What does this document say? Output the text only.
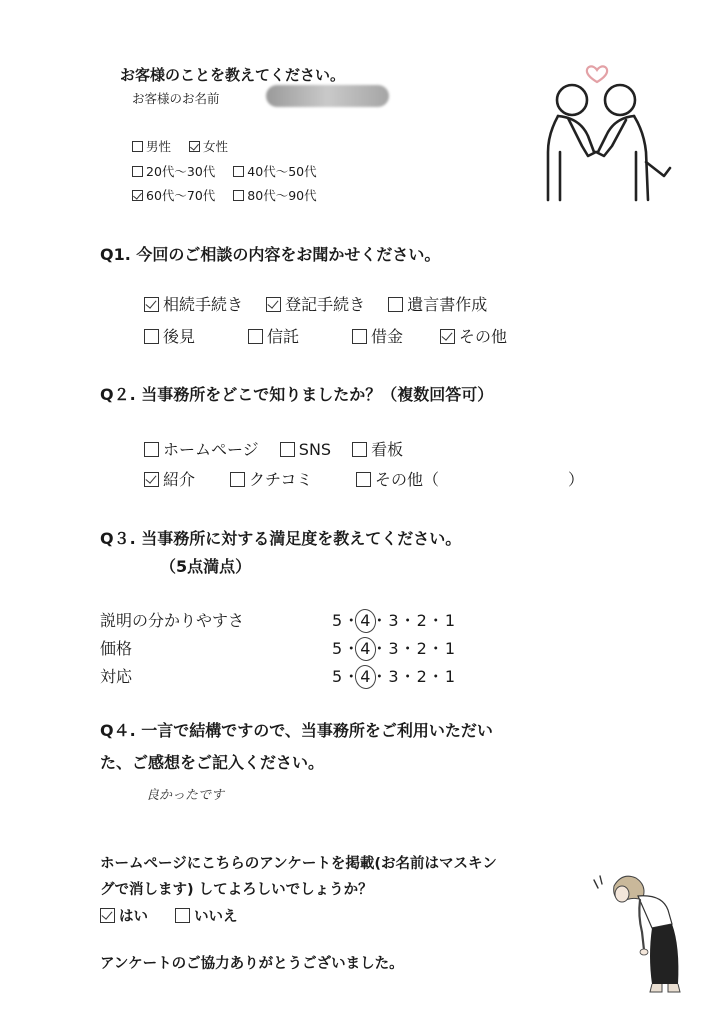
お客様のことを教えてください。
お客様のお名前
男性	女性
20代～30代	40代～50代
60代～70代	80代～90代
Q1. 今回のご相談の内容をお聞かせください。
相続手続き	登記手続き	遺言書作成
後見	信託	借金	その他
Q２. 当事務所をどこで知りましたか？（複数回答可）
ホームページ	SNS	看板
紹介	クチコミ	その他（	）
Q３. 当事務所に対する満足度を教えてください。
（5点満点）
説明の分かりやすさ	5・4・3・2・1
価格	5・4・3・2・1
対応	5・4・3・2・1
Q４. 一言で結構ですので、当事務所をご利用いただい
た、ご感想をご記入ください。
良かったです
ホームページにこちらのアンケートを掲載(お名前はマスキン
グで消します) してよろしいでしょうか？
はい	いいえ
アンケートのご協力ありがとうございました。
